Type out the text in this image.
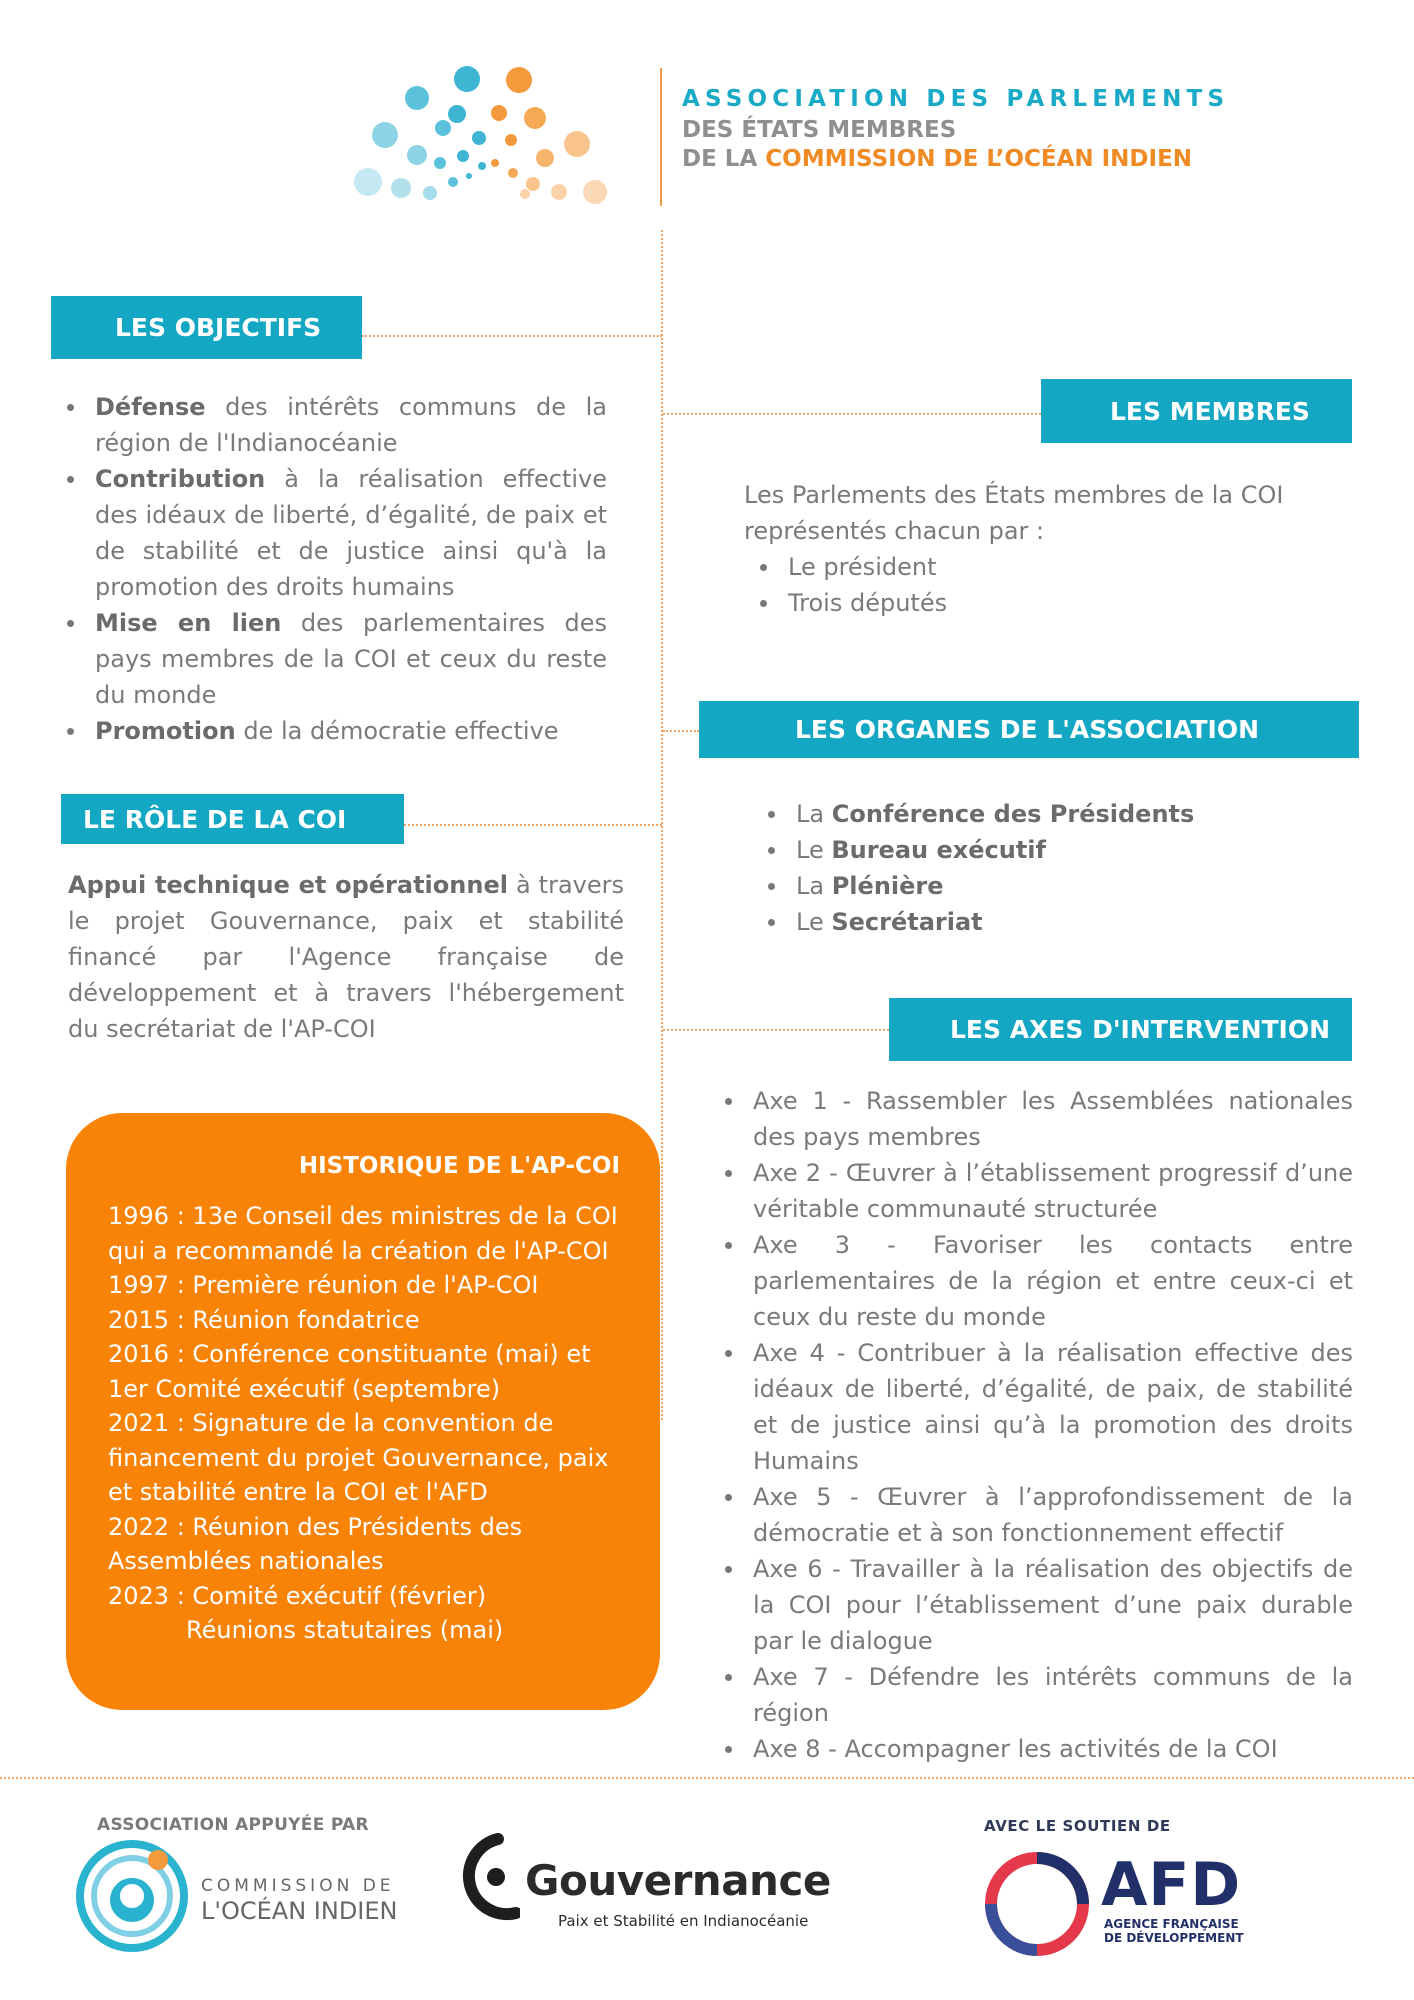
ASSOCIATION DES PARLEMENTS
DES ÉTATS MEMBRES
DE LA COMMISSION DE L’OCÉAN INDIEN
LES OBJECTIFS
Défense des intérêts communs de la région de l'Indianocéanie
Contribution à la réalisation effective des idéaux de liberté, d’égalité, de paix et de stabilité et de justice ainsi qu'à la promotion des droits humains
Mise en lien des parlementaires des pays membres de la COI et ceux du reste du monde
Promotion de la démocratie effective
LE RÔLE DE LA COI
Appui technique et opérationnel à travers le projet Gouvernance, paix et stabilité financé par l'Agence française de développement et à travers l'hébergement du secrétariat de l'AP-COI
HISTORIQUE DE L'AP-COI
1996 : 13e Conseil des ministres de la COI qui a recommandé la création de l'AP-COI
1997 : Première réunion de l'AP-COI
2015 : Réunion fondatrice
2016 : Conférence constituante (mai) et 1er Comité exécutif (septembre)
2021 : Signature de la convention de financement du projet Gouvernance, paix et stabilité entre la COI et l'AFD
2022 : Réunion des Présidents des Assemblées nationales
2023 : Comité exécutif (février)
Réunions statutaires (mai)
LES MEMBRES
Les Parlements des États membres de la COI représentés chacun par :
Le président
Trois députés
LES ORGANES DE L'ASSOCIATION
La Conférence des Présidents
Le Bureau exécutif
La Plénière
Le Secrétariat
LES AXES D'INTERVENTION
Axe 1 - Rassembler les Assemblées nationales des pays membres
Axe 2 - Œuvrer à l’établissement progressif d’une véritable communauté structurée
Axe 3 - Favoriser les contacts entre parlementaires de la région et entre ceux-ci et ceux du reste du monde
Axe 4 - Contribuer à la réalisation effective des idéaux de liberté, d’égalité, de paix, de stabilité et de justice ainsi qu’à la promotion des droits Humains
Axe 5 - Œuvrer à l’approfondissement de la démocratie et à son fonctionnement effectif
Axe 6 - Travailler à la réalisation des objectifs de la COI pour l’établissement d’une paix durable par le dialogue
Axe 7 - Défendre les intérêts communs de la région
Axe 8 - Accompagner les activités de la COI
ASSOCIATION APPUYÉE PAR
COMMISSION DE
L'OCÉAN INDIEN
Gouvernance
Paix et Stabilité en Indianocéanie
AVEC LE SOUTIEN DE
AFD
AGENCE FRANÇAISE
DE DÉVELOPPEMENT
